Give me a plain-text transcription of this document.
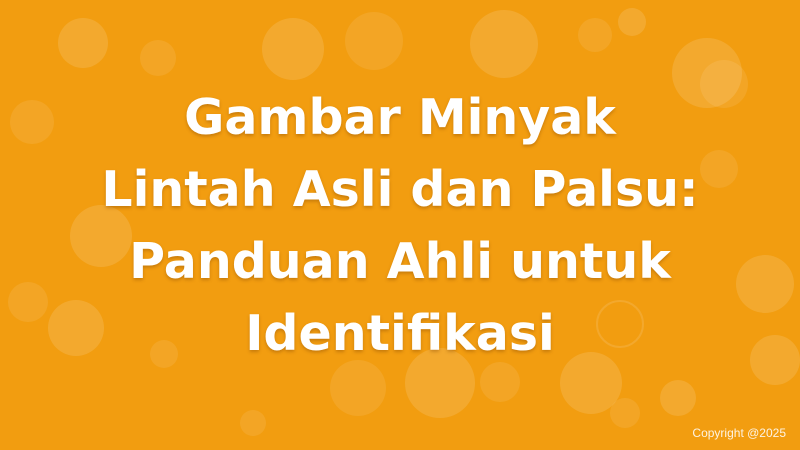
Gambar Minyak
Lintah Asli dan Palsu:
Panduan Ahli untuk
Identifikasi
Copyright @2025
